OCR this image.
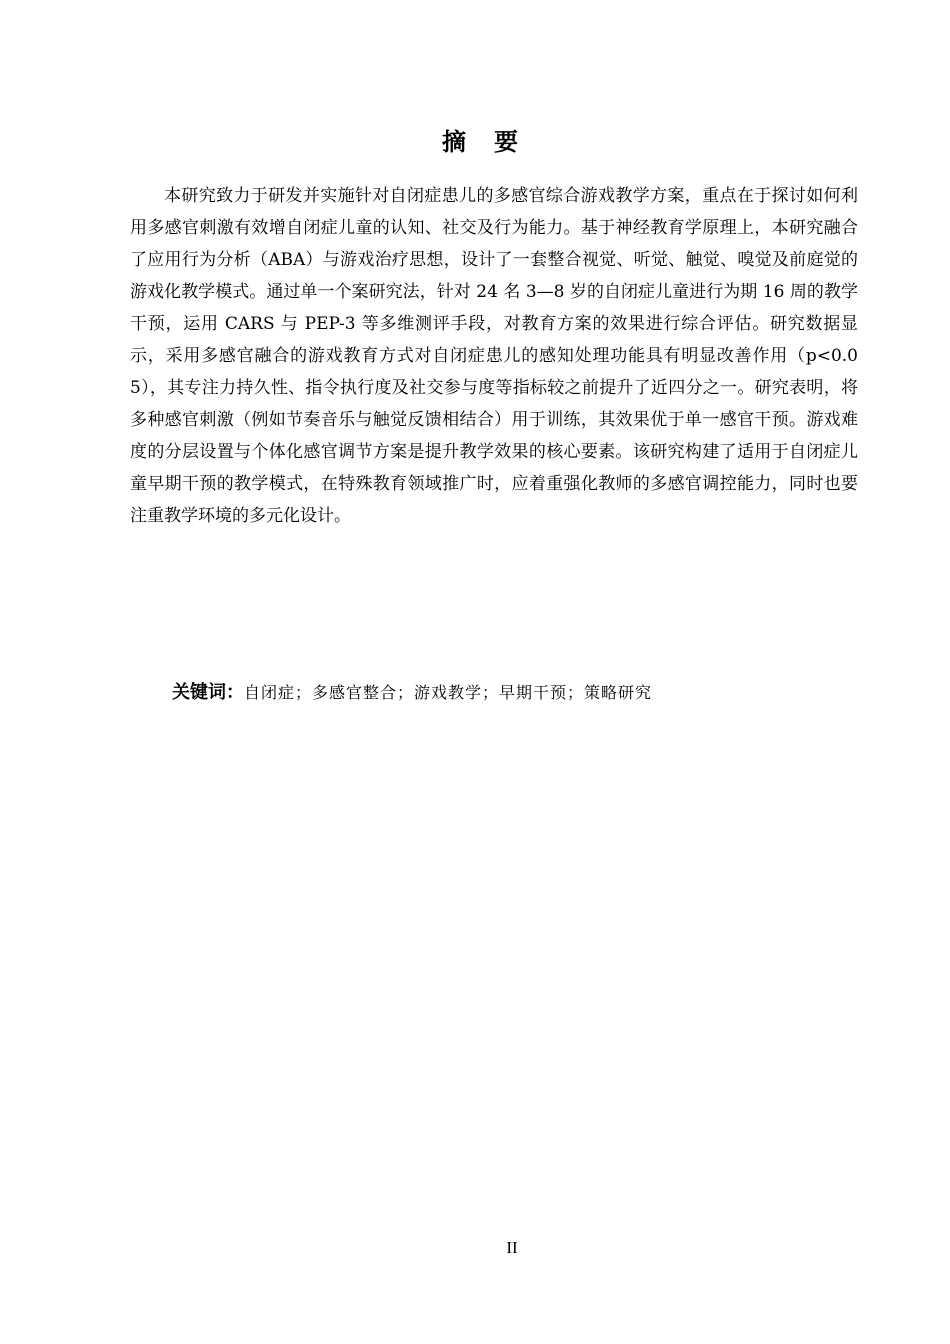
摘要

本研究致力于研发并实施针对自闭症患儿的多感官综合游戏教学方案，重点在于探讨如何利用多感官刺激有效增自闭症儿童的认知、社交及行为能力。基于神经教育学原理上，本研究融合了应用行为分析（ABA）与游戏治疗思想，设计了一套整合视觉、听觉、触觉、嗅觉及前庭觉的游戏化教学模式。通过单一个案研究法，针对 24 名 3—8 岁的自闭症儿童进行为期 16 周的教学干预，运用 CARS 与 PEP-3 等多维测评手段，对教育方案的效果进行综合评估。研究数据显示，采用多感官融合的游戏教育方式对自闭症患儿的感知处理功能具有明显改善作用（p<0.05），其专注力持久性、指令执行度及社交参与度等指标较之前提升了近四分之一。研究表明，将多种感官刺激（例如节奏音乐与触觉反馈相结合）用于训练，其效果优于单一感官干预。游戏难度的分层设置与个体化感官调节方案是提升教学效果的核心要素。该研究构建了适用于自闭症儿童早期干预的教学模式，在特殊教育领域推广时，应着重强化教师的多感官调控能力，同时也要 注重教学环境的多元化设计。

关键词：自闭症；多感官整合；游戏教学；早期干预；策略研究

II
